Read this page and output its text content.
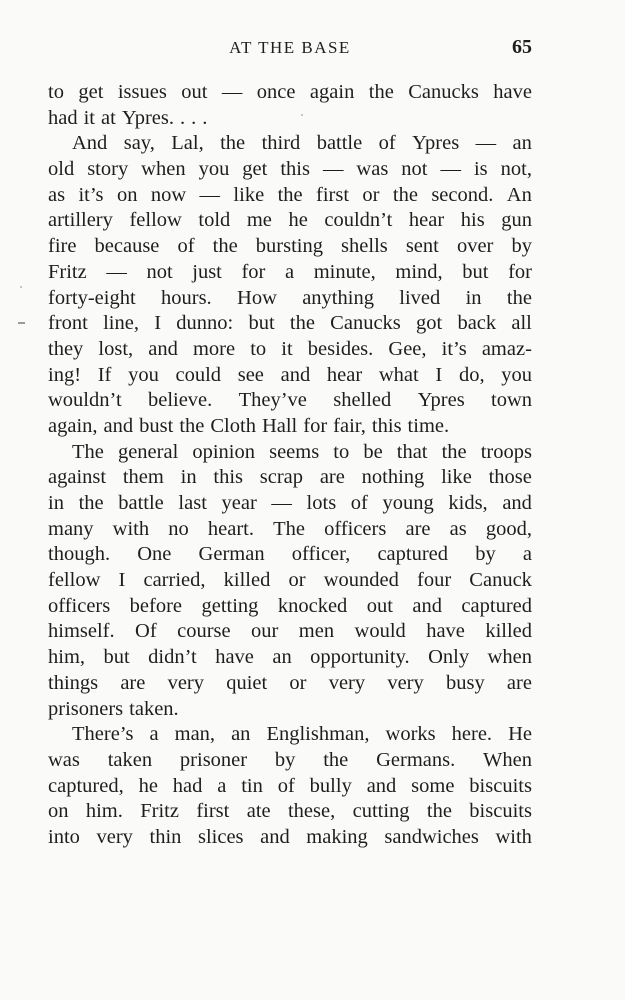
AT THE BASE	65
to get issues out — once again the Canucks have
had it at Ypres. . . .
And say, Lal, the third battle of Ypres — an
old story when you get this — was not — is not,
as it’s on now — like the first or the second. An
artillery fellow told me he couldn’t hear his gun
fire because of the bursting shells sent over by
Fritz — not just for a minute, mind, but for
forty-eight hours. How anything lived in the
front line, I dunno: but the Canucks got back all
they lost, and more to it besides. Gee, it’s amaz-
ing! If you could see and hear what I do, you
wouldn’t believe. They’ve shelled Ypres town
again, and bust the Cloth Hall for fair, this time.
The general opinion seems to be that the troops
against them in this scrap are nothing like those
in the battle last year — lots of young kids, and
many with no heart. The officers are as good,
though. One German officer, captured by a
fellow I carried, killed or wounded four Canuck
officers before getting knocked out and captured
himself. Of course our men would have killed
him, but didn’t have an opportunity. Only when
things are very quiet or very very busy are
prisoners taken.
There’s a man, an Englishman, works here. He
was taken prisoner by the Germans. When
captured, he had a tin of bully and some biscuits
on him. Fritz first ate these, cutting the biscuits
into very thin slices and making sandwiches with
